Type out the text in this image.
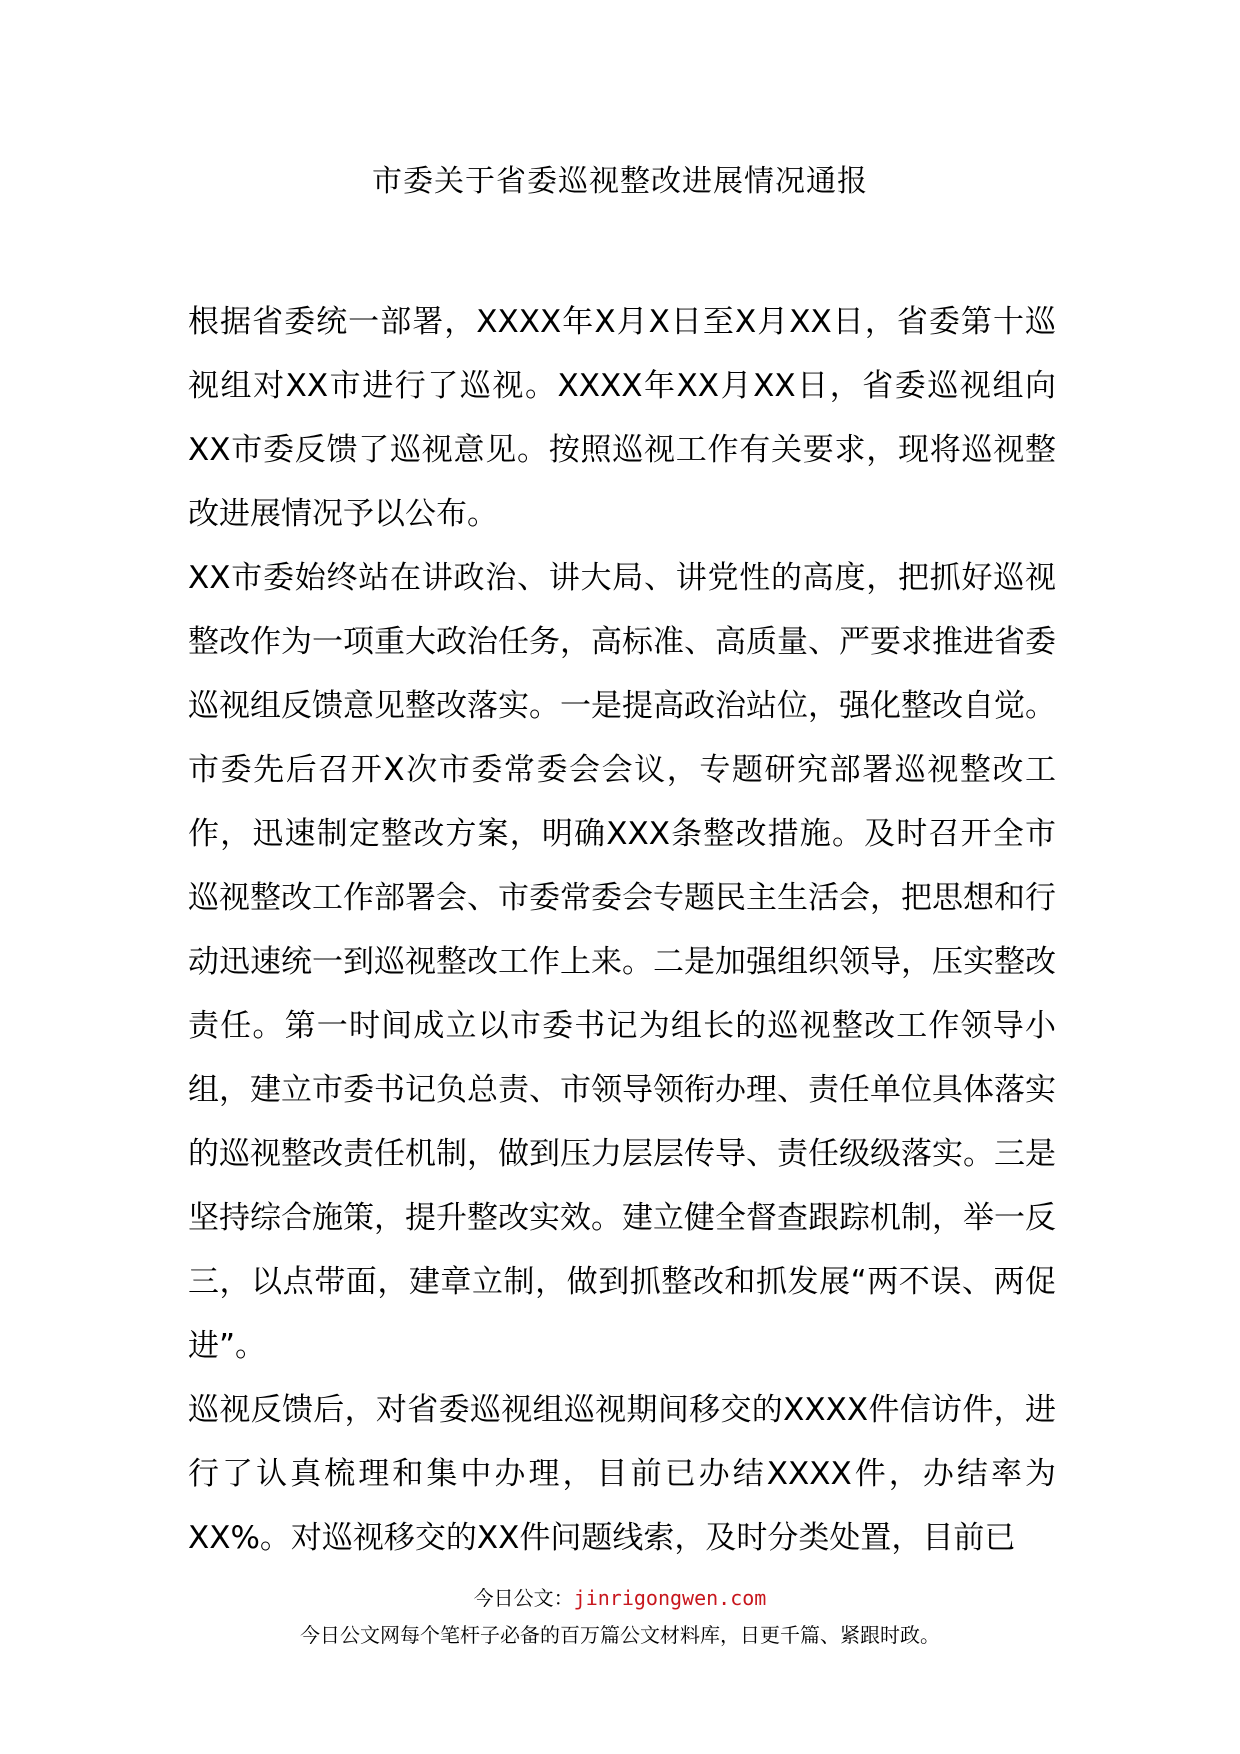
市委关于省委巡视整改进展情况通报

根据省委统一部署，XXXX年X月X日至X月XX日，省委第十巡视组对XX市进行了巡视。XXXX年XX月XX日，省委巡视组向XX市委反馈了巡视意见。按照巡视工作有关要求，现将巡视整改进展情况予以公布。

XX市委始终站在讲政治、讲大局、讲党性的高度，把抓好巡视整改作为一项重大政治任务，高标准、高质量、严要求推进省委巡视组反馈意见整改落实。一是提高政治站位，强化整改自觉。市委先后召开X次市委常委会会议，专题研究部署巡视整改工作，迅速制定整改方案，明确XXX条整改措施。及时召开全市巡视整改工作部署会、市委常委会专题民主生活会，把思想和行动迅速统一到巡视整改工作上来。二是加强组织领导，压实整改责任。第一时间成立以市委书记为组长的巡视整改工作领导小组，建立市委书记负总责、市领导领衔办理、责任单位具体落实的巡视整改责任机制，做到压力层层传导、责任级级落实。三是坚持综合施策，提升整改实效。建立健全督查跟踪机制，举一反三，以点带面，建章立制，做到抓整改和抓发展“两不误、两促进”。

巡视反馈后，对省委巡视组巡视期间移交的XXXX件信访件，进行了认真梳理和集中办理，目前已办结XXXX件，办结率为XX%。对巡视移交的XX件问题线索，及时分类处置，目前已

今日公文：jinrigongwen.com
今日公文网每个笔杆子必备的百万篇公文材料库，日更千篇、紧跟时政。
